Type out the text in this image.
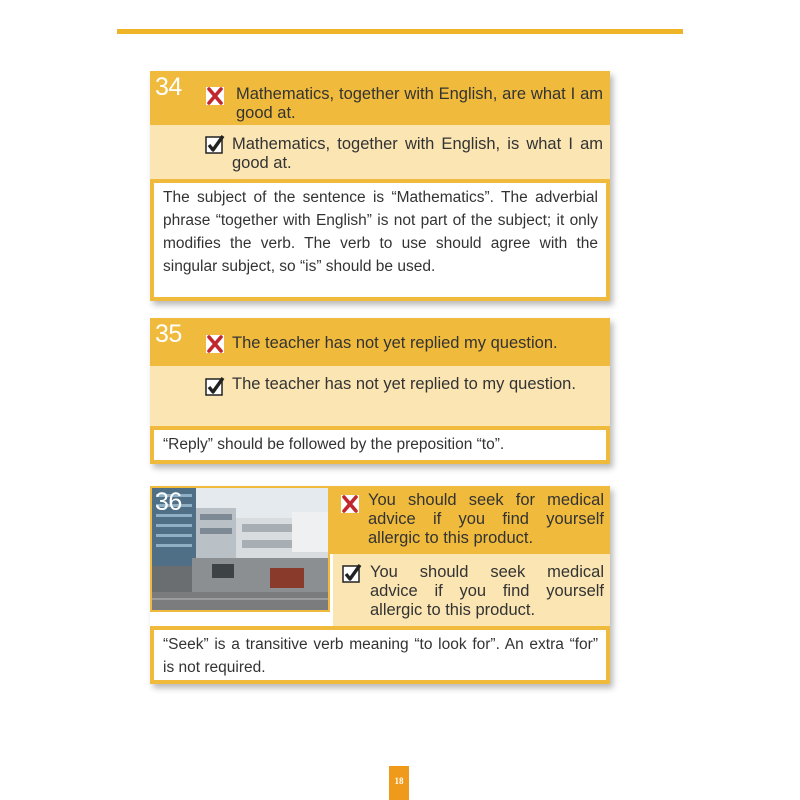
34	Mathematics, together with English, are what I am good at.
Mathematics, together with English, is what I am good at.
The subject of the sentence is “Mathematics”. The adverbial phrase “together with English” is not part of the subject; it only modifies the verb. The verb to use should agree with the singular subject, so “is” should be used.
35	The teacher has not yet replied my question.
The teacher has not yet replied to my question.
“Reply” should be followed by the preposition “to”.
You should seek for medical advice if you find yourself allergic to this product.
You should seek medical advice if you find yourself allergic to this product.
36
“Seek” is a transitive verb meaning “to look for”. An extra “for” is not required.
18
